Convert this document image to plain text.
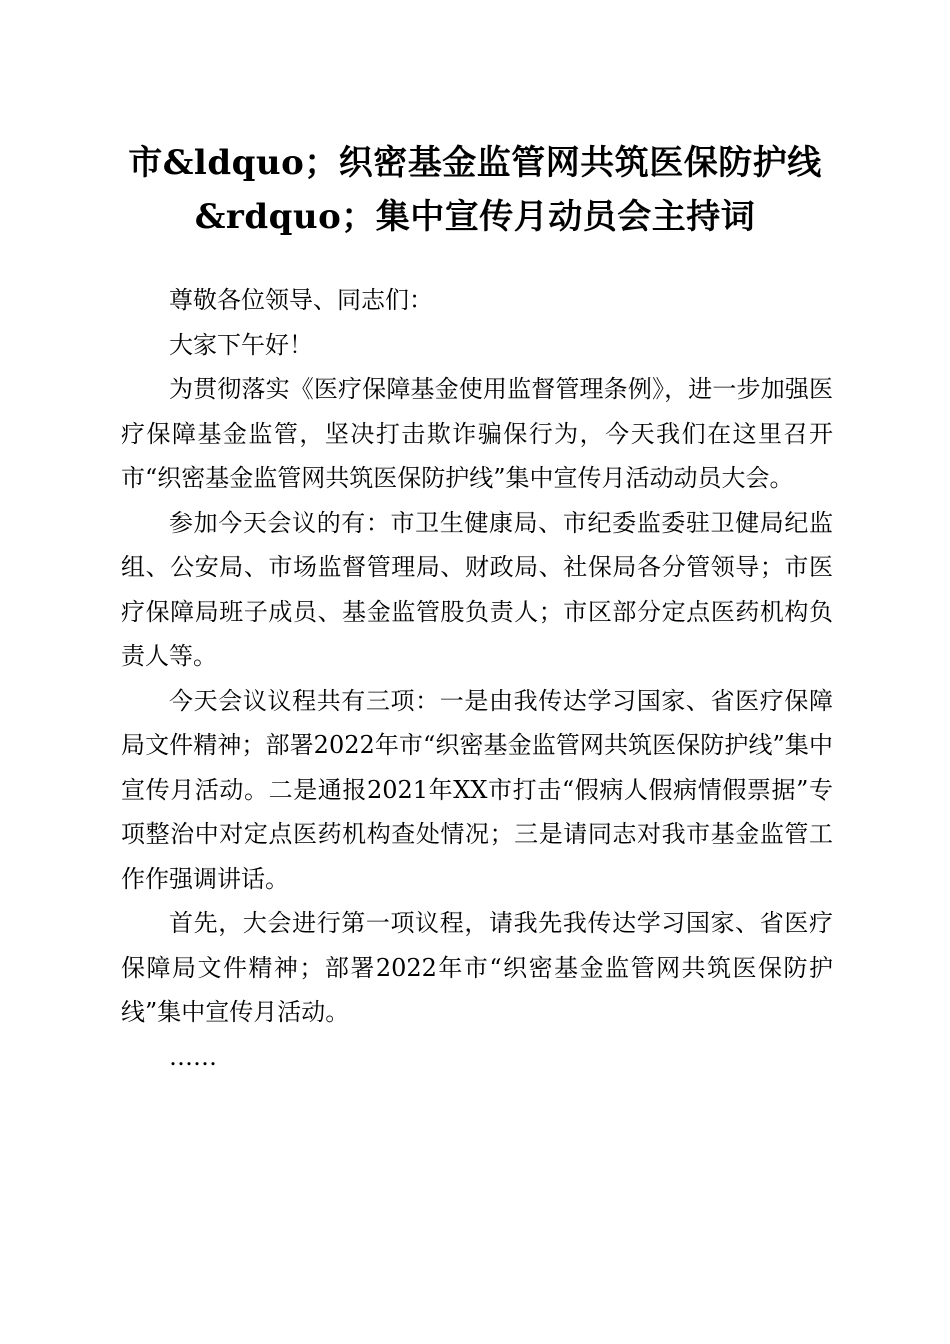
市&ldquo；织密基金监管网共筑医保防护线
&rdquo；集中宣传月动员会主持词

尊敬各位领导、同志们：

大家下午好！

为贯彻落实《医疗保障基金使用监督管理条例》，进一步加强医疗保障基金监管，坚决打击欺诈骗保行为，今天我们在这里召开市“织密基金监管网共筑医保防护线”集中宣传月活动动员大会。

参加今天会议的有：市卫生健康局、市纪委监委驻卫健局纪监组、公安局、市场监督管理局、财政局、社保局各分管领导；市医疗保障局班子成员、基金监管股负责人；市区部分定点医药机构负责人等。

今天会议议程共有三项：一是由我传达学习国家、省医疗保障局文件精神；部署2022年市“织密基金监管网共筑医保防护线”集中宣传月活动。二是通报2021年XX市打击“假病人假病情假票据”专项整治中对定点医药机构查处情况；三是请同志对我市基金监管工作作强调讲话。

首先，大会进行第一项议程，请我先我传达学习国家、省医疗保障局文件精神；部署2022年市“织密基金监管网共筑医保防护线”集中宣传月活动。

……
